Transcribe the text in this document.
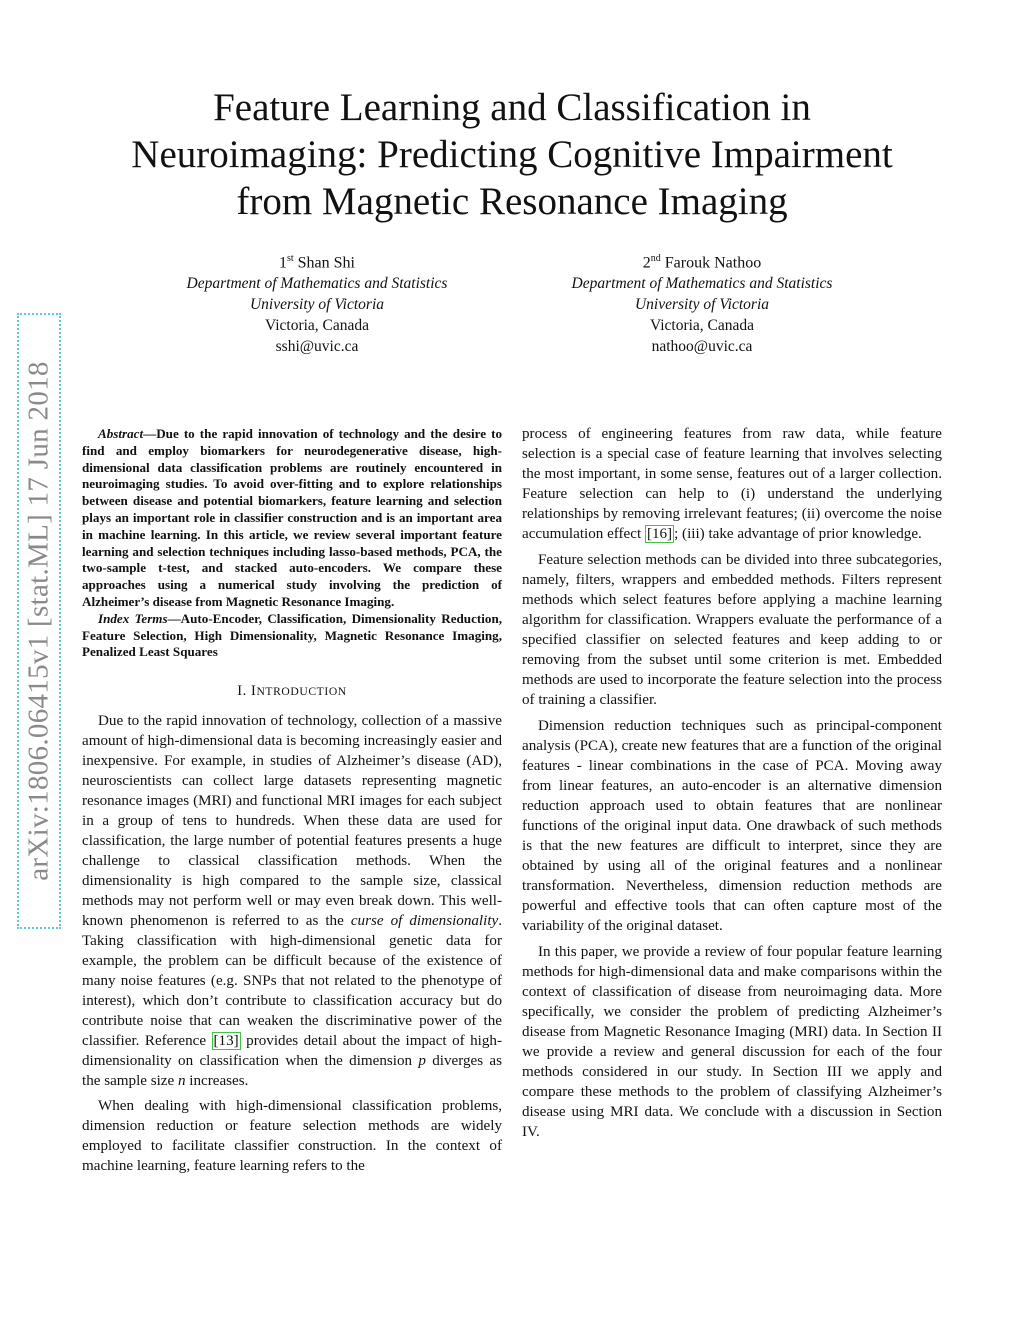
arXiv:1806.06415v1 [stat.ML] 17 Jun 2018
Feature Learning and Classification in
Neuroimaging: Predicting Cognitive Impairment
from Magnetic Resonance Imaging
1st Shan Shi
Department of Mathematics and Statistics
University of Victoria
Victoria, Canada
sshi@uvic.ca
2nd Farouk Nathoo
Department of Mathematics and Statistics
University of Victoria
Victoria, Canada
nathoo@uvic.ca

Abstract—Due to the rapid innovation of technology and the desire to find and employ biomarkers for neurodegenerative disease, high-dimensional data classification problems are routinely encountered in neuroimaging studies. To avoid over-fitting and to explore relationships between disease and potential biomarkers, feature learning and selection plays an important role in classifier construction and is an important area in machine learning. In this article, we review several important feature learning and selection techniques including lasso-based methods, PCA, the two-sample t-test, and stacked auto-encoders. We compare these approaches using a numerical study involving the prediction of Alzheimer’s disease from Magnetic Resonance Imaging.

Index Terms—Auto-Encoder, Classification, Dimensionality Reduction, Feature Selection, High Dimensionality, Magnetic Resonance Imaging, Penalized Least Squares

I. INTRODUCTION

Due to the rapid innovation of technology, collection of a massive amount of high-dimensional data is becoming increasingly easier and inexpensive. For example, in studies of Alzheimer’s disease (AD), neuroscientists can collect large datasets representing magnetic resonance images (MRI) and functional MRI images for each subject in a group of tens to hundreds. When these data are used for classification, the large number of potential features presents a huge challenge to classical classification methods. When the dimensionality is high compared to the sample size, classical methods may not perform well or may even break down. This well-known phenomenon is referred to as the curse of dimensionality. Taking classification with high-dimensional genetic data for example, the problem can be difficult because of the existence of many noise features (e.g. SNPs that not related to the phenotype of interest), which don’t contribute to classification accuracy but do contribute noise that can weaken the discriminative power of the classifier. Reference [13] provides detail about the impact of high-dimensionality on classification when the dimension p diverges as the sample size n increases.

When dealing with high-dimensional classification problems, dimension reduction or feature selection methods are widely employed to facilitate classifier construction. In the context of machine learning, feature learning refers to the

process of engineering features from raw data, while feature selection is a special case of feature learning that involves selecting the most important, in some sense, features out of a larger collection. Feature selection can help to (i) understand the underlying relationships by removing irrelevant features; (ii) overcome the noise accumulation effect [16] ; (iii) take advantage of prior knowledge.

Feature selection methods can be divided into three subcategories, namely, filters, wrappers and embedded methods. Filters represent methods which select features before applying a machine learning algorithm for classification. Wrappers evaluate the performance of a specified classifier on selected features and keep adding to or removing from the subset until some criterion is met. Embedded methods are used to incorporate the feature selection into the process of training a classifier.

Dimension reduction techniques such as principal-component analysis (PCA), create new features that are a function of the original features - linear combinations in the case of PCA. Moving away from linear features, an auto-encoder is an alternative dimension reduction approach used to obtain features that are nonlinear functions of the original input data. One drawback of such methods is that the new features are difficult to interpret, since they are obtained by using all of the original features and a nonlinear transformation. Nevertheless, dimension reduction methods are powerful and effective tools that can often capture most of the variability of the original dataset.

In this paper, we provide a review of four popular feature learning methods for high-dimensional data and make comparisons within the context of classification of disease from neuroimaging data. More specifically, we consider the problem of predicting Alzheimer’s disease from Magnetic Resonance Imaging (MRI) data. In Section II we provide a review and general discussion for each of the four methods considered in our study. In Section III we apply and compare these methods to the problem of classifying Alzheimer’s disease using MRI data. We conclude with a discussion in Section IV.
